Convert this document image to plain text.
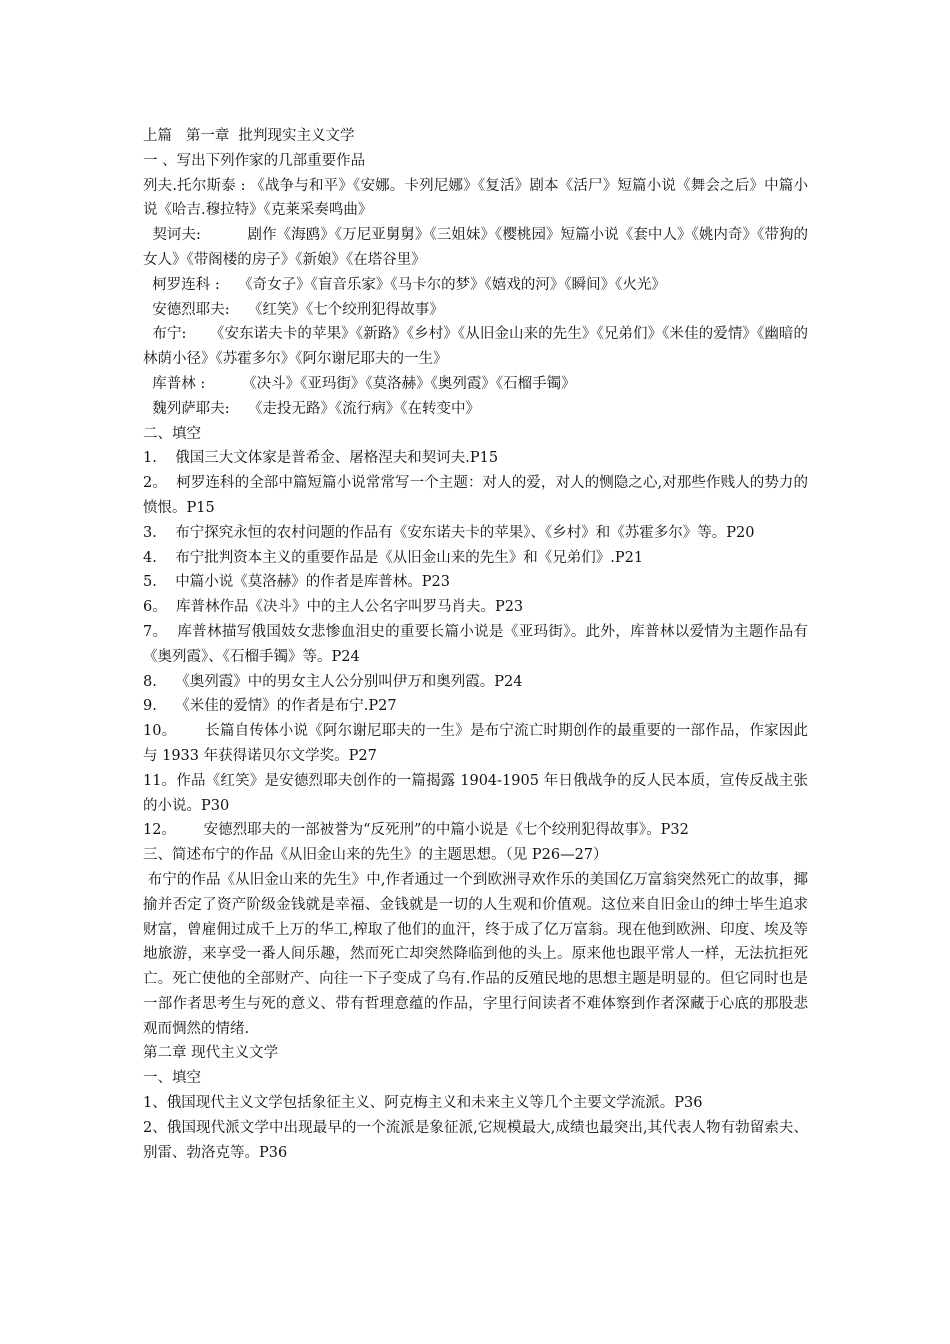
上篇   第一章  批判现实主义文学

一 、写出下列作家的几部重要作品

列夫.托尔斯泰 : 《战争与和平》《安娜。卡列尼娜》《复活》剧本《活尸》短篇小说《舞会之后》中篇小说《哈吉.穆拉特》《克莱采奏鸣曲》

契诃夫:          剧作《海鸥》《万尼亚舅舅》《三姐妹》《樱桃园》短篇小说《套中人》《姚内奇》《带狗的女人》《带阁楼的房子》《新娘》《在塔谷里》

柯罗连科 :    《奇女子》《盲音乐家》《马卡尔的梦》《嬉戏的河》《瞬间》《火光》

安德烈耶夫:    《红笑》《七个绞刑犯得故事》

布宁:     《安东诺夫卡的苹果》《新路》《乡村》《从旧金山来的先生》《兄弟们》《米佳的爱情》《幽暗的林荫小径》《苏霍多尔》《阿尔谢尼耶夫的一生》

库普林 :        《决斗》《亚玛街》《莫洛赫》《奥列霞》《石榴手镯》

魏列萨耶夫:    《走投无路》《流行病》《在转变中》

二、填空

1.    俄国三大文体家是普希金、屠格涅夫和契诃夫.P15

2。  柯罗连科的全部中篇短篇小说常常写一个主题：对人的爱，对人的恻隐之心,对那些作贱人的势力的愤恨。P15

3.    布宁探究永恒的农村问题的作品有《安东诺夫卡的苹果》、《乡村》和《苏霍多尔》等。P20

4.    布宁批判资本主义的重要作品是《从旧金山来的先生》和《兄弟们》.P21

5.    中篇小说《莫洛赫》的作者是库普林。P23

6。  库普林作品《决斗》中的主人公名字叫罗马肖夫。P23

7。  库普林描写俄国妓女悲惨血泪史的重要长篇小说是《亚玛街》。此外，库普林以爱情为主题作品有《奥列霞》、《石榴手镯》等。P24

8.    《奥列霞》中的男女主人公分别叫伊万和奥列霞。P24

9.    《米佳的爱情》的作者是布宁.P27

10。      长篇自传体小说《阿尔谢尼耶夫的一生》是布宁流亡时期创作的最重要的一部作品，作家因此与 1933 年获得诺贝尔文学奖。P27

11。作品《红笑》是安德烈耶夫创作的一篇揭露 1904-1905 年日俄战争的反人民本质，宣传反战主张的小说。P30

12。      安德烈耶夫的一部被誉为“反死刑”的中篇小说是《七个绞刑犯得故事》。P32

三、简述布宁的作品《从旧金山来的先生》的主题思想。（见 P26—27）

布宁的作品《从旧金山来的先生》中,作者通过一个到欧洲寻欢作乐的美国亿万富翁突然死亡的故事，揶揄并否定了资产阶级金钱就是幸福、金钱就是一切的人生观和价值观。这位来自旧金山的绅士毕生追求财富，曾雇佣过成千上万的华工,榨取了他们的血汗，终于成了亿万富翁。现在他到欧洲、印度、埃及等地旅游，来享受一番人间乐趣，然而死亡却突然降临到他的头上。原来他也跟平常人一样，无法抗拒死亡。死亡使他的全部财产、向往一下子变成了乌有.作品的反殖民地的思想主题是明显的。但它同时也是一部作者思考生与死的意义、带有哲理意蕴的作品，字里行间读者不难体察到作者深藏于心底的那股悲观而惆然的情绪.

第二章 现代主义文学

一、填空

1、俄国现代主义文学包括象征主义、阿克梅主义和未来主义等几个主要文学流派。P36

2、俄国现代派文学中出现最早的一个流派是象征派,它规模最大,成绩也最突出,其代表人物有勃留索夫、别雷、勃洛克等。P36
